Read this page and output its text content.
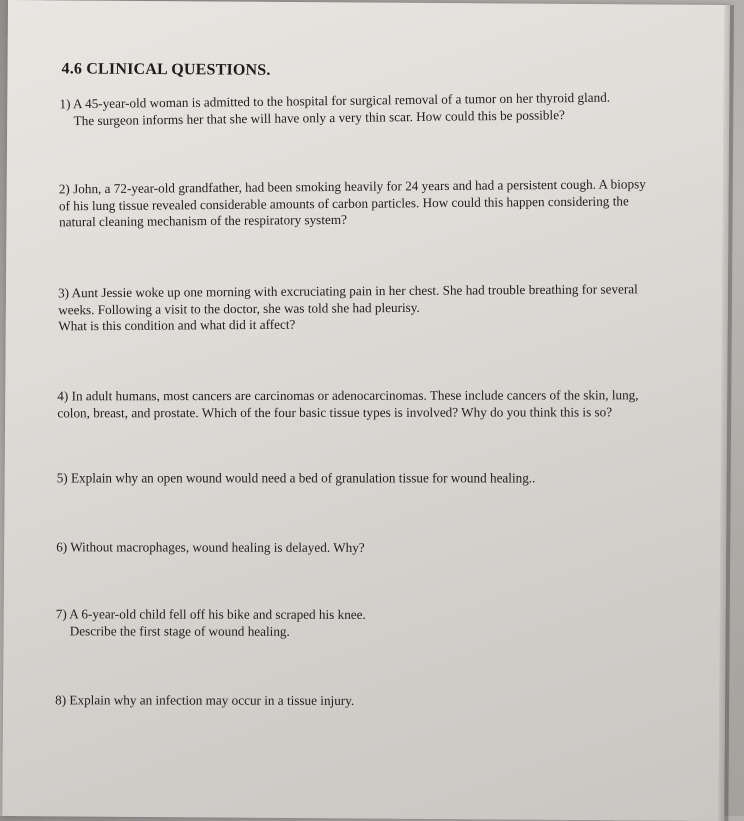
4.6 CLINICAL QUESTIONS.
1) A 45-year-old woman is admitted to the hospital for surgical removal of a tumor on her thyroid gland.
The surgeon informs her that she will have only a very thin scar. How could this be possible?
2) John, a 72-year-old grandfather, had been smoking heavily for 24 years and had a persistent cough. A biopsy
of his lung tissue revealed considerable amounts of carbon particles. How could this happen considering the
natural cleaning mechanism of the respiratory system?
3) Aunt Jessie woke up one morning with excruciating pain in her chest. She had trouble breathing for several
weeks. Following a visit to the doctor, she was told she had pleurisy.
What is this condition and what did it affect?
4) In adult humans, most cancers are carcinomas or adenocarcinomas. These include cancers of the skin, lung,
colon, breast, and prostate. Which of the four basic tissue types is involved? Why do you think this is so?
5) Explain why an open wound would need a bed of granulation tissue for wound healing..
6) Without macrophages, wound healing is delayed. Why?
7) A 6-year-old child fell off his bike and scraped his knee.
Describe the first stage of wound healing.
8) Explain why an infection may occur in a tissue injury.
